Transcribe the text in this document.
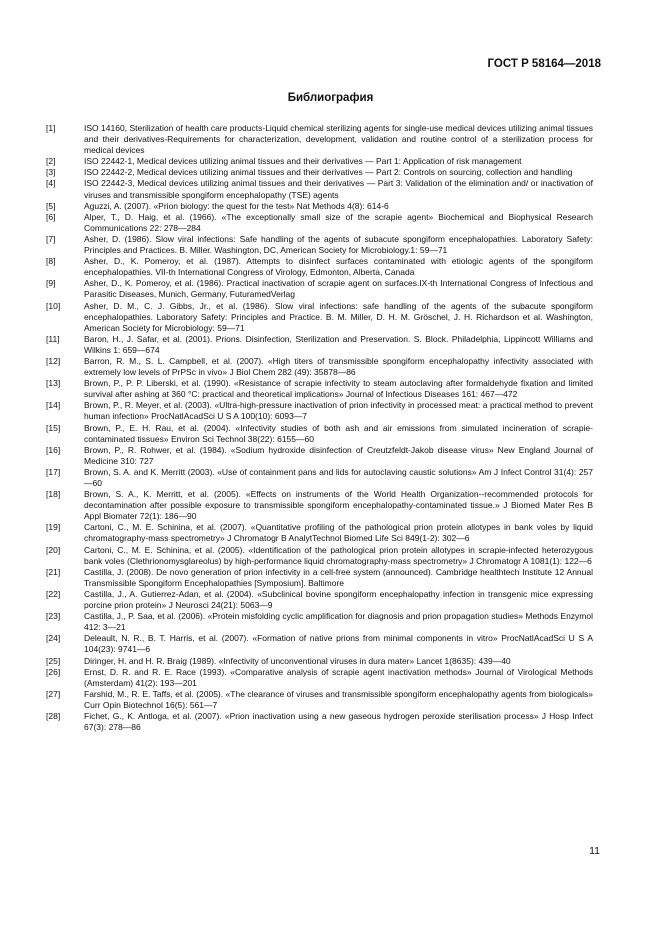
ГОСТ Р 58164—2018
Библиография
[1]	ISO 14160, Sterilization of health care products-Liquid chemical sterilizing agents for single-use medical devices utilizing animal tissues and their derivatives-Requirements for characterization, development, validation and routine control of a sterilization process for medical devices
[2]	ISO 22442-1, Medical devices utilizing animal tissues and their derivatives — Part 1: Application of risk management
[3]	ISO 22442-2, Medical devices utilizing animal tissues and their derivatives — Part 2: Controls on sourcing, collection and handling
[4]	ISO 22442-3, Medical devices utilizing animal tissues and their derivatives — Part 3: Validation of the elimination and/ or inactivation of viruses and transmissible spongiform encephalopathy (TSE) agents
[5]	Aguzzi, A. (2007). «Prion biology: the quest for the test» Nat Methods 4(8): 614-6
[6]	Alper, T., D. Haig, et al. (1966). «The exceptionally small size of the scrapie agent» Biochemical and Biophysical Research Communications 22: 278—284
[7]	Asher, D. (1986). Slow viral infections: Safe handling of the agents of subacute spongiform encephalopathies. Laboratory Safety: Principles and Practices. B. Miller. Washington, DC, American Society for Microbiology.1: 59—71
[8]	Asher, D., K. Pomeroy, et al. (1987). Attempts to disinfect surfaces contaminated with etiologic agents of the spongiform encephalopathies. VII-th International Congress of Virology, Edmonton, Alberta, Canada
[9]	Asher, D., K. Pomeroy, et al. (1986). Practical inactivation of scrapie agent on surfaces.IX-th International Congress of Infectious and Parasitic Diseases, Munich, Germany, FuturamedVerlag
[10]	Asher, D. M., C. J. Gibbs, Jr., et al. (1986). Slow viral infections: safe handling of the agents of the subacute spongiform encephalopathies. Laboratory Safety: Principles and Practice. B. M. Miller, D. H. M. Gröschel, J. H. Richardson et al. Washington, American Society for Microbiology: 59—71
[11]	Baron, H., J. Safar, et al. (2001). Prions. Disinfection, Sterilization and Preservation. S. Block. Philadelphia, Lippincott Williams and Wilkins 1: 659—674
[12]	Barron, R. M., S. L. Campbell, et al. (2007). «High titers of transmissible spongiform encephalopathy infectivity associated with extremely low levels of PrPSc in vivo» J Biol Chem 282 (49): 35878—86
[13]	Brown, P., P. P. Liberski, et al. (1990). «Resistance of scrapie infectivity to steam autoclaving after formaldehyde fixation and limited survival after ashing at 360 °C: practical and theoretical implications» Journal of Infectious Diseases 161: 467—472
[14]	Brown, P., R. Meyer, et al. (2003). «Ultra-high-pressure inactivation of prion infectivity in processed meat: a practical method to prevent human infection» ProcNatlAcadSci U S A 100(10): 6093—7
[15]	Brown, P., E. H. Rau, et al. (2004). «Infectivity studies of both ash and air emissions from simulated incineration of scrapie-contaminated tissues» Environ Sci Technol 38(22): 6155—60
[16]	Brown, P., R. Rohwer, et al. (1984). «Sodium hydroxide disinfection of Creutzfeldt-Jakob disease virus» New England Journal of Medicine 310: 727
[17]	Brown, S. A. and K. Merritt (2003). «Use of containment pans and lids for autoclaving caustic solutions» Am J Infect Control 31(4): 257—60
[18]	Brown, S. A., K. Merritt, et al. (2005). «Effects on instruments of the World Health Organization--recommended protocols for decontamination after possible exposure to transmissible spongiform encephalopathy-contaminated tissue.» J Biomed Mater Res B Appl Biomater 72(1): 186—90
[19]	Cartoni, C., M. E. Schinina, et al. (2007). «Quantitative profiling of the pathological prion protein allotypes in bank voles by liquid chromatography-mass spectrometry» J Chromatogr B AnalytTechnol Biomed Life Sci 849(1-2): 302—6
[20]	Cartoni, C., M. E. Schinina, et al. (2005). «Identification of the pathological prion protein allotypes in scrapie-infected heterozygous bank voles (Clethrionomysglareolus) by high-performance liquid chromatography-mass spectrometry» J Chromatogr A 1081(1): 122—6
[21]	Castilla, J. (2008). De novo generation of prion infectivity in a cell-free system (announced). Cambridge healthtech Institute 12 Annual Transmissible Spongiform Encephalopathies [Symposium]. Baltimore
[22]	Castilla, J., A. Gutierrez-Adan, et al. (2004). «Subclinical bovine spongiform encephalopathy infection in transgenic mice expressing porcine prion protein» J Neurosci 24(21): 5063—9
[23]	Castilla, J., P. Saa, et al. (2006). «Protein misfolding cyclic amplification for diagnosis and prion propagation studies» Methods Enzymol 412: 3—21
[24]	Deleault, N. R., B. T. Harris, et al. (2007). «Formation of native prions from minimal components in vitro» ProcNatlAcadSci U S A 104(23): 9741—6
[25]	Diringer, H. and H. R. Braig (1989). «Infectivity of unconventional viruses in dura mater» Lancet 1(8635): 439—40
[26]	Ernst, D. R. and R. E. Race (1993). «Comparative analysis of scrapie agent inactivation methods» Journal of Virological Methods (Amsterdam) 41(2): 193—201
[27]	Farshid, M., R. E. Taffs, et al. (2005). «The clearance of viruses and transmissible spongiform encephalopathy agents from biologicals» Curr Opin Biotechnol 16(5): 561—7
[28]	Fichet, G., K. Antloga, et al. (2007). «Prion inactivation using a new gaseous hydrogen peroxide sterilisation process» J Hosp Infect 67(3): 278—86
11
